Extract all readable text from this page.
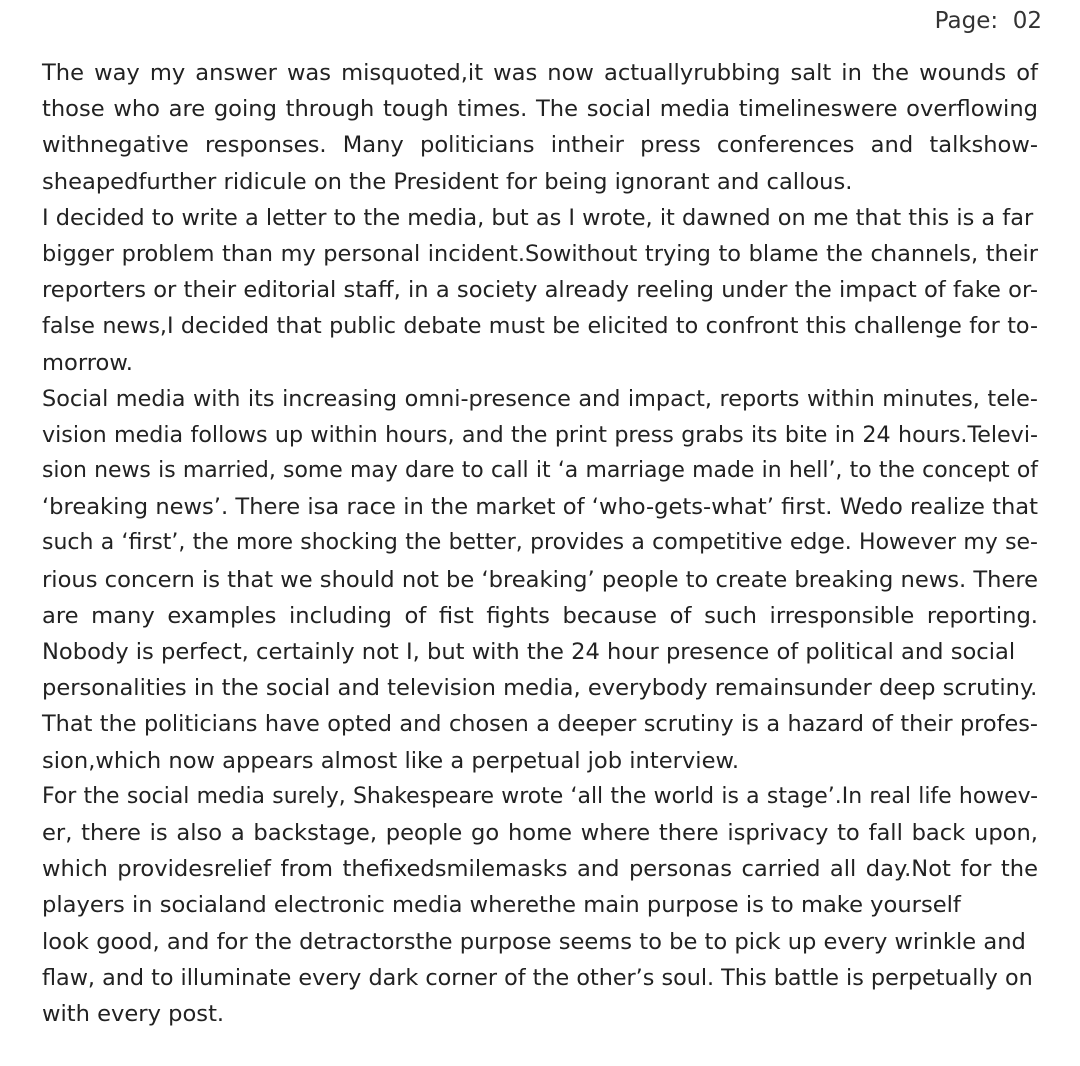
Page:  02
The way my answer was misquoted,it was now actuallyrubbing salt in the wounds of
those who are going through tough times. The social media timelineswere overflowing
withnegative responses. Many politicians intheir press conferences and talkshow-
sheapedfurther ridicule on the President for being ignorant and callous.
I decided to write a letter to the media, but as I wrote, it dawned on me that this is a far
bigger problem than my personal incident.Sowithout trying to blame the channels, their
reporters or their editorial staff, in a society already reeling under the impact of fake or-
false news,I decided that public debate must be elicited to confront this challenge for to-
morrow.
Social media with its increasing omni-presence and impact, reports within minutes, tele-
vision media follows up within hours, and the print press grabs its bite in 24 hours.Televi-
sion news is married, some may dare to call it ‘a marriage made in hell’, to the concept of
‘breaking news’. There isa race in the market of ‘who-gets-what’ first. Wedo realize that
such a ‘first’, the more shocking the better, provides a competitive edge. However my se-
rious concern is that we should not be ‘breaking’ people to create breaking news. There
are many examples including of fist fights because of such irresponsible reporting.
Nobody is perfect, certainly not I, but with the 24 hour presence of political and social
personalities in the social and television media, everybody remainsunder deep scrutiny.
That the politicians have opted and chosen a deeper scrutiny is a hazard of their profes-
sion,which now appears almost like a perpetual job interview.
For the social media surely, Shakespeare wrote ‘all the world is a stage’.In real life howev-
er, there is also a backstage, people go home where there isprivacy to fall back upon,
which providesrelief from thefixedsmilemasks and personas carried all day.Not for the
players in socialand electronic media wherethe main purpose is to make yourself
look good, and for the detractorsthe purpose seems to be to pick up every wrinkle and
flaw, and to illuminate every dark corner of the other’s soul. This battle is perpetually on
with every post.
